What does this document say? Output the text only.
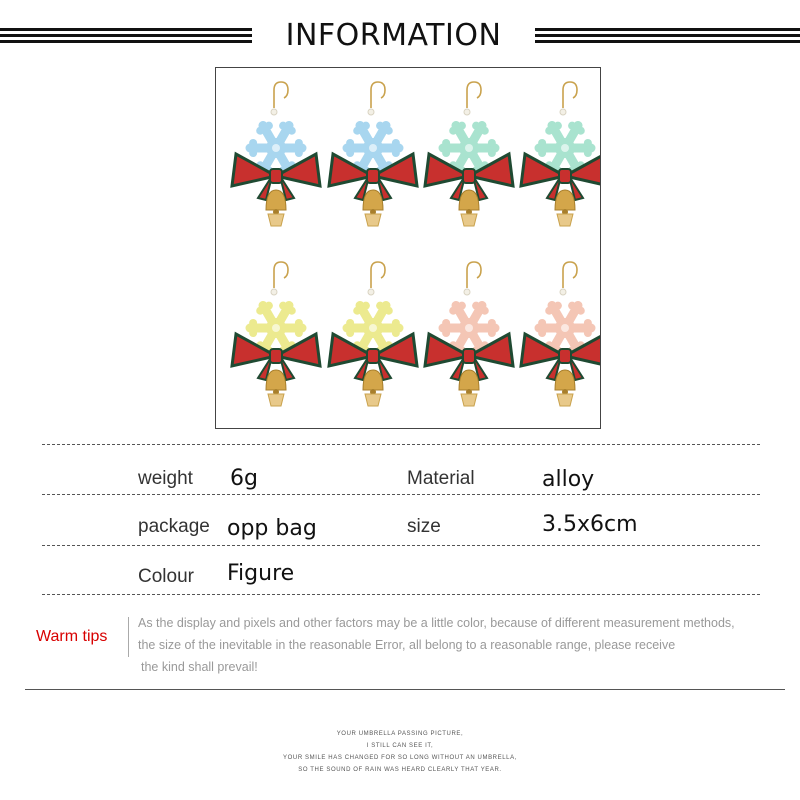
INFORMATION
weight 6g	Material	alloy
package opp bag	size	3.5x6cm
Colour Figure
Warm tips
As the display and pixels and other factors may be a little color, because of different measurement methods,
the size of the inevitable in the reasonable Error, all belong to a reasonable range, please receive
the kind shall prevail!
YOUR UMBRELLA PASSING PICTURE,
I STILL CAN SEE IT,
YOUR SMILE HAS CHANGED FOR SO LONG WITHOUT AN UMBRELLA,
SO THE SOUND OF RAIN WAS HEARD CLEARLY THAT YEAR.
